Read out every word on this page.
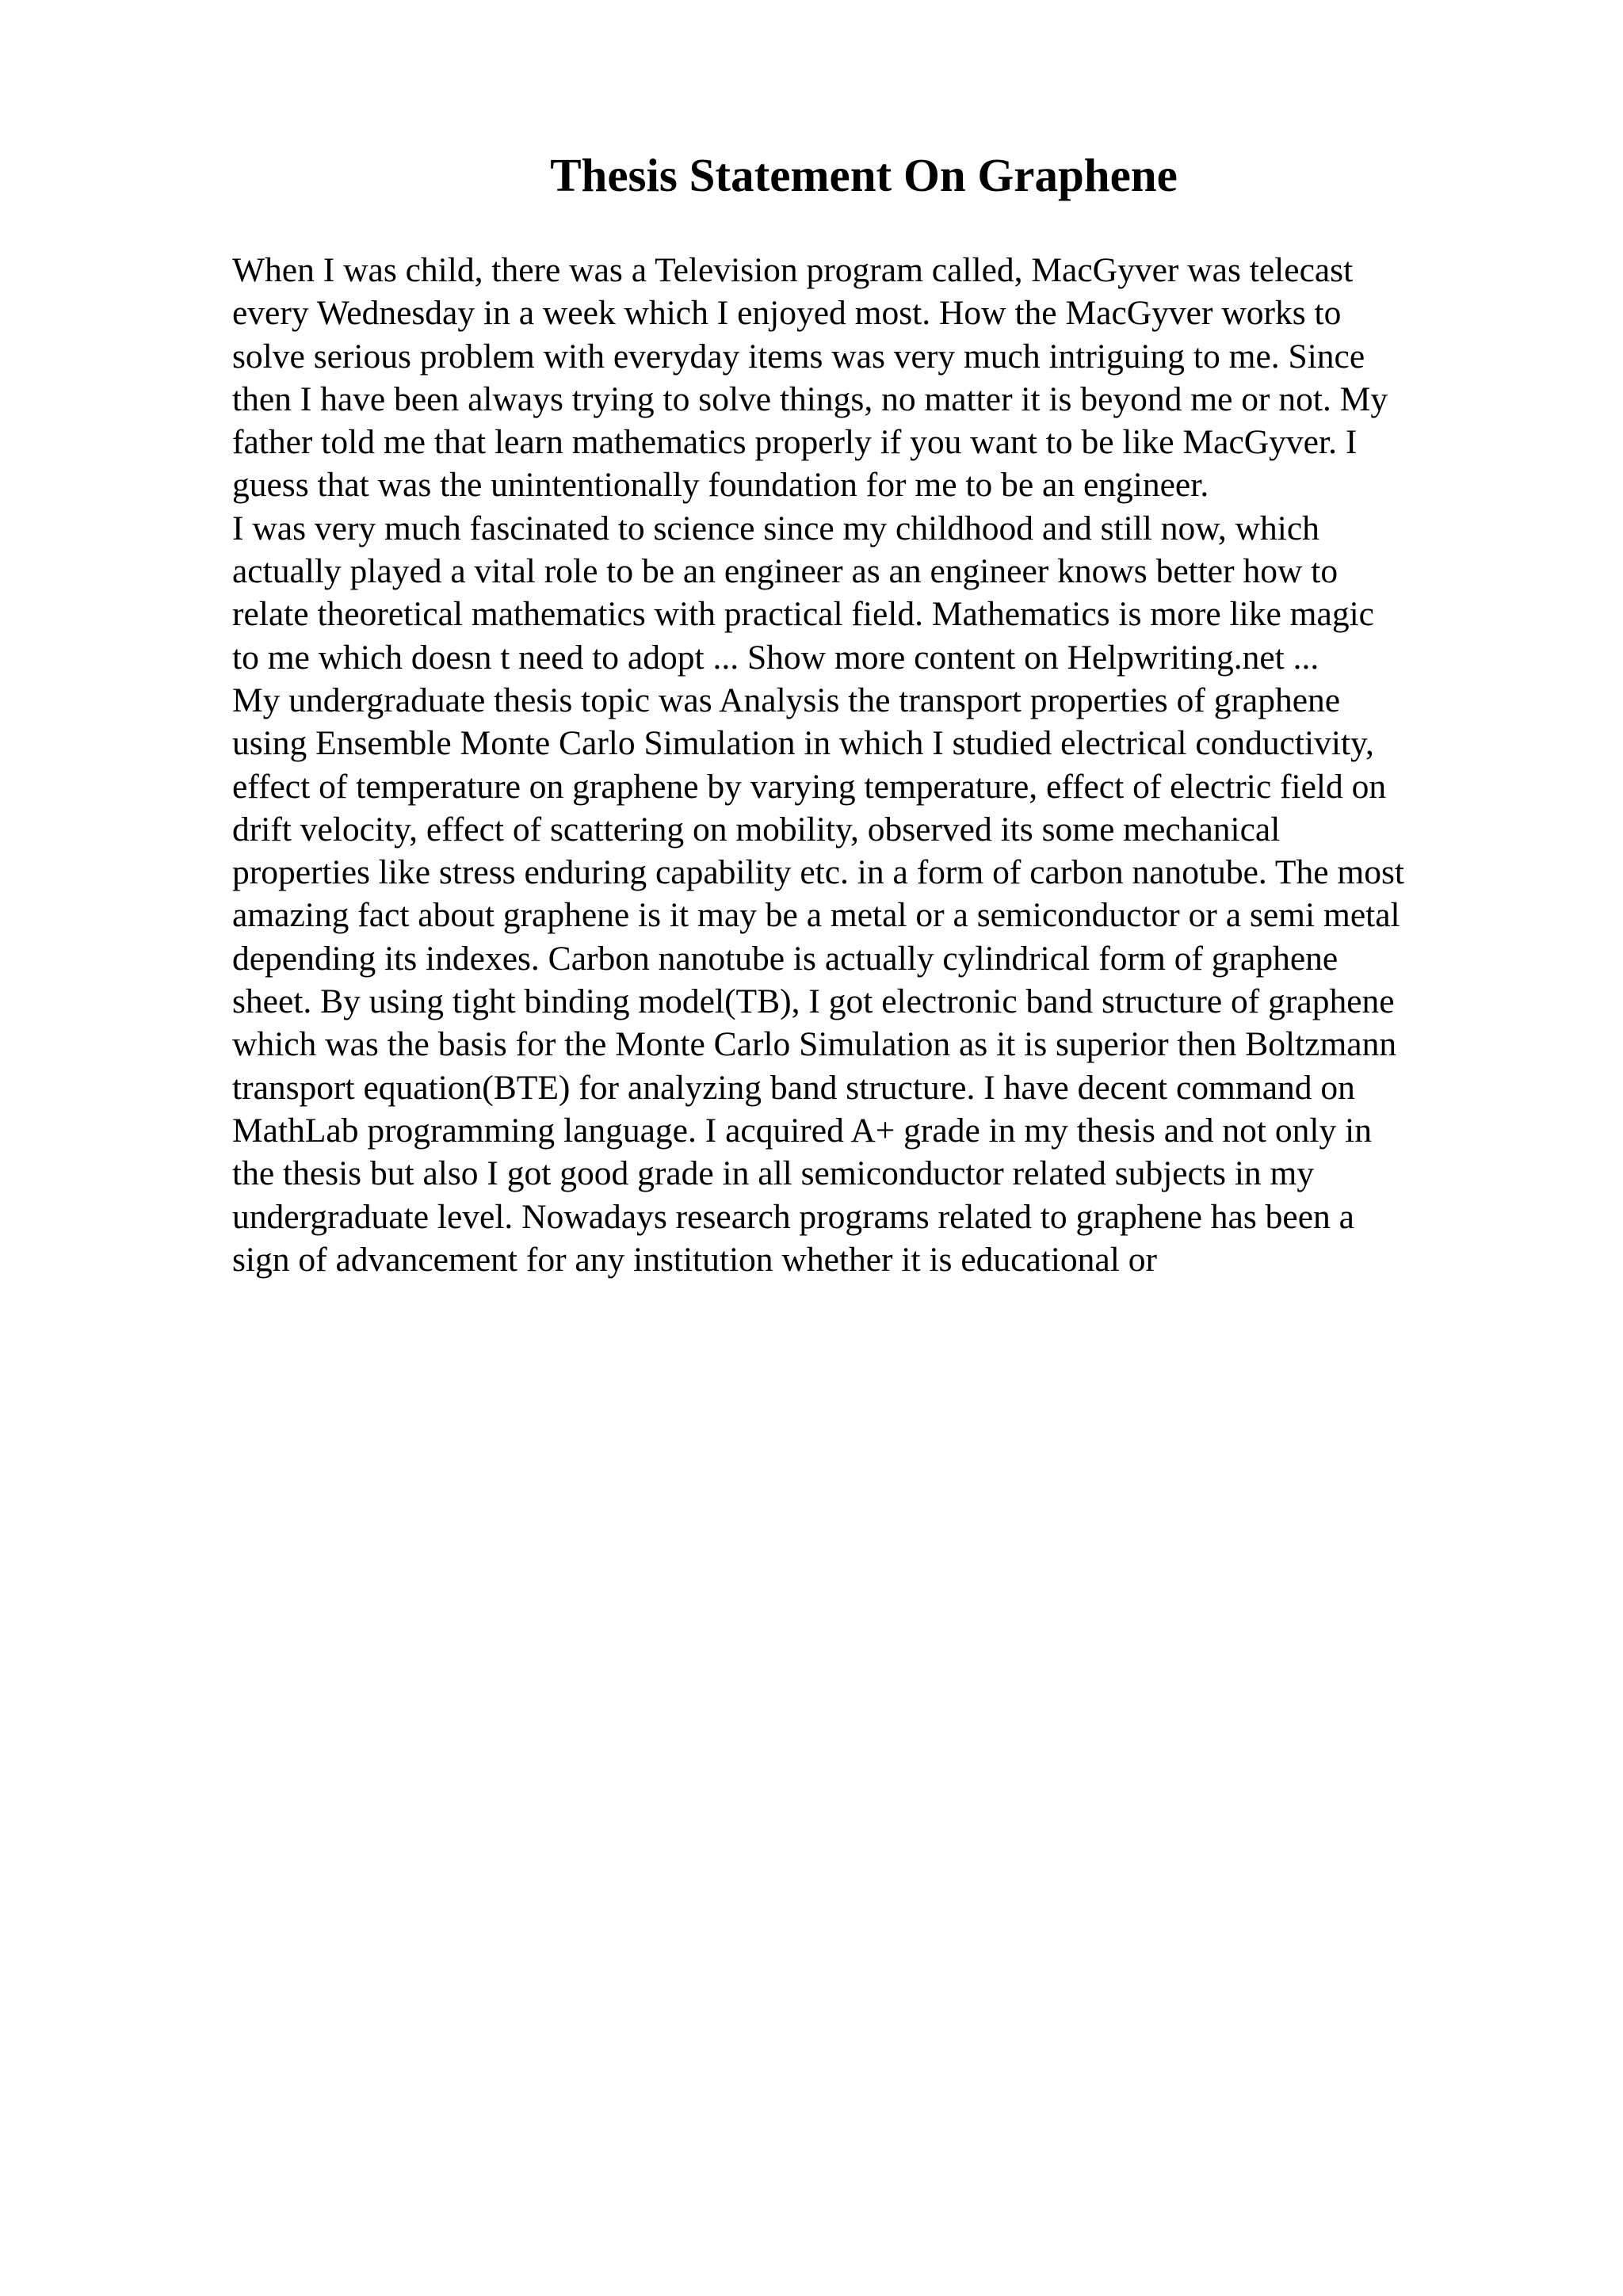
Thesis Statement On Graphene
When I was child, there was a Television program called, MacGyver was telecast
every Wednesday in a week which I enjoyed most. How the MacGyver works to
solve serious problem with everyday items was very much intriguing to me. Since
then I have been always trying to solve things, no matter it is beyond me or not. My
father told me that learn mathematics properly if you want to be like MacGyver. I
guess that was the unintentionally foundation for me to be an engineer.
I was very much fascinated to science since my childhood and still now, which
actually played a vital role to be an engineer as an engineer knows better how to
relate theoretical mathematics with practical field. Mathematics is more like magic
to me which doesn t need to adopt ... Show more content on Helpwriting.net ...
My undergraduate thesis topic was Analysis the transport properties of graphene
using Ensemble Monte Carlo Simulation in which I studied electrical conductivity,
effect of temperature on graphene by varying temperature, effect of electric field on
drift velocity, effect of scattering on mobility, observed its some mechanical
properties like stress enduring capability etc. in a form of carbon nanotube. The most
amazing fact about graphene is it may be a metal or a semiconductor or a semi metal
depending its indexes. Carbon nanotube is actually cylindrical form of graphene
sheet. By using tight binding model(TB), I got electronic band structure of graphene
which was the basis for the Monte Carlo Simulation as it is superior then Boltzmann
transport equation(BTE) for analyzing band structure. I have decent command on
MathLab programming language. I acquired A+ grade in my thesis and not only in
the thesis but also I got good grade in all semiconductor related subjects in my
undergraduate level. Nowadays research programs related to graphene has been a
sign of advancement for any institution whether it is educational or
